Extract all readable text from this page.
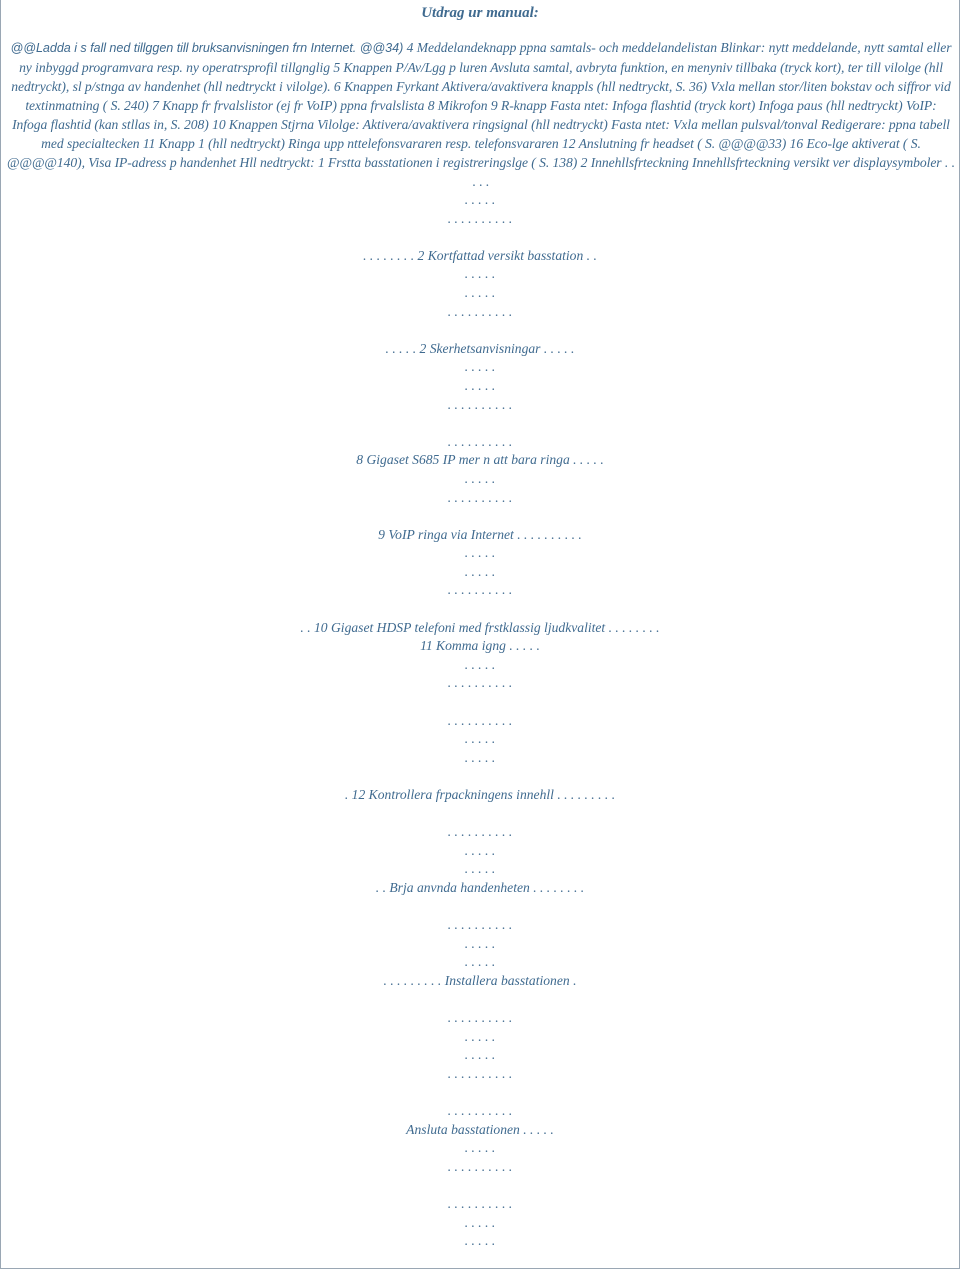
Utdrag ur manual:

@@Ladda i s fall ned tillggen till bruksanvisningen frn Internet. @@34) 4 Meddelandeknapp ppna samtals- och meddelandelistan Blinkar: nytt meddelande, nytt samtal eller ny inbyggd programvara resp. ny operatrsprofil tillgnglig 5 Knappen P/Av/Lgg p luren Avsluta samtal, avbryta funktion, en menyniv tillbaka (tryck kort), ter till vilolge (hll nedtryckt), sl p/stnga av handenhet (hll nedtryckt i vilolge). 6 Knappen Fyrkant Aktivera/avaktivera knappls (hll nedtryckt, S. 36) Vxla mellan stor/liten bokstav och siffror vid textinmatning ( S. 240) 7 Knapp fr frvalslistor (ej fr VoIP) ppna frvalslista 8 Mikrofon 9 R-knapp Fasta ntet: Infoga flashtid (tryck kort) Infoga paus (hll nedtryckt) VoIP: Infoga flashtid (kan stllas in, S. 208) 10 Knappen Stjrna Vilolge: Aktivera/avaktivera ringsignal (hll nedtryckt) Fasta ntet: Vxla mellan pulsval/tonval Redigerare: ppna tabell med specialtecken 11 Knapp 1 (hll nedtryckt) Ringa upp nttelefonsvararen resp. telefonsvararen 12 Anslutning fr headset ( S. @@@@33) 16 Eco-lge aktiverat ( S. @@@@140), Visa IP-adress p handenhet Hll nedtryckt: 1 Frstta basstationen i registreringslge ( S. 138) 2 Innehllsfrteckning Innehllsfrteckning versikt ver displaysymboler . . . . .

. . . . .
. . . . . . . . . .
. . . . . . . . 2 Kortfattad versikt basstation . .
. . . . .
. . . . .
. . . . . . . . . .
. . . . . 2 Skerhetsanvisningar . . . . .
. . . . .
. . . . .
. . . . . . . . . .
. . . . . . . . . .
8 Gigaset S685 IP mer n att bara ringa . . . . .
. . . . .
. . . . . . . . . .
9 VoIP ringa via Internet . . . . . . . . . .
. . . . .
. . . . .
. . . . . . . . . .
. . 10 Gigaset HDSP telefoni med frstklassig ljudkvalitet . . . . . . . .
11 Komma igng . . . . .
. . . . .
. . . . . . . . . .
. . . . . . . . . .
. . . . .
. . . . .
. 12 Kontrollera frpackningens innehll . . . . . . . . .
. . . . . . . . . .
. . . . .
. . . . .
. . Brja anvnda handenheten . . . . . . . .
. . . . . . . . . .
. . . . .
. . . . .
. . . . . . . . . Installera basstationen .
. . . . . . . . . .
. . . . .
. . . . .
. . . . . . . . . .
. . . . . . . . . .
Ansluta basstationen . . . . .
. . . . .
. . . . . . . . . .
. . . . . . . . . .
. . . . .
. . . . .
